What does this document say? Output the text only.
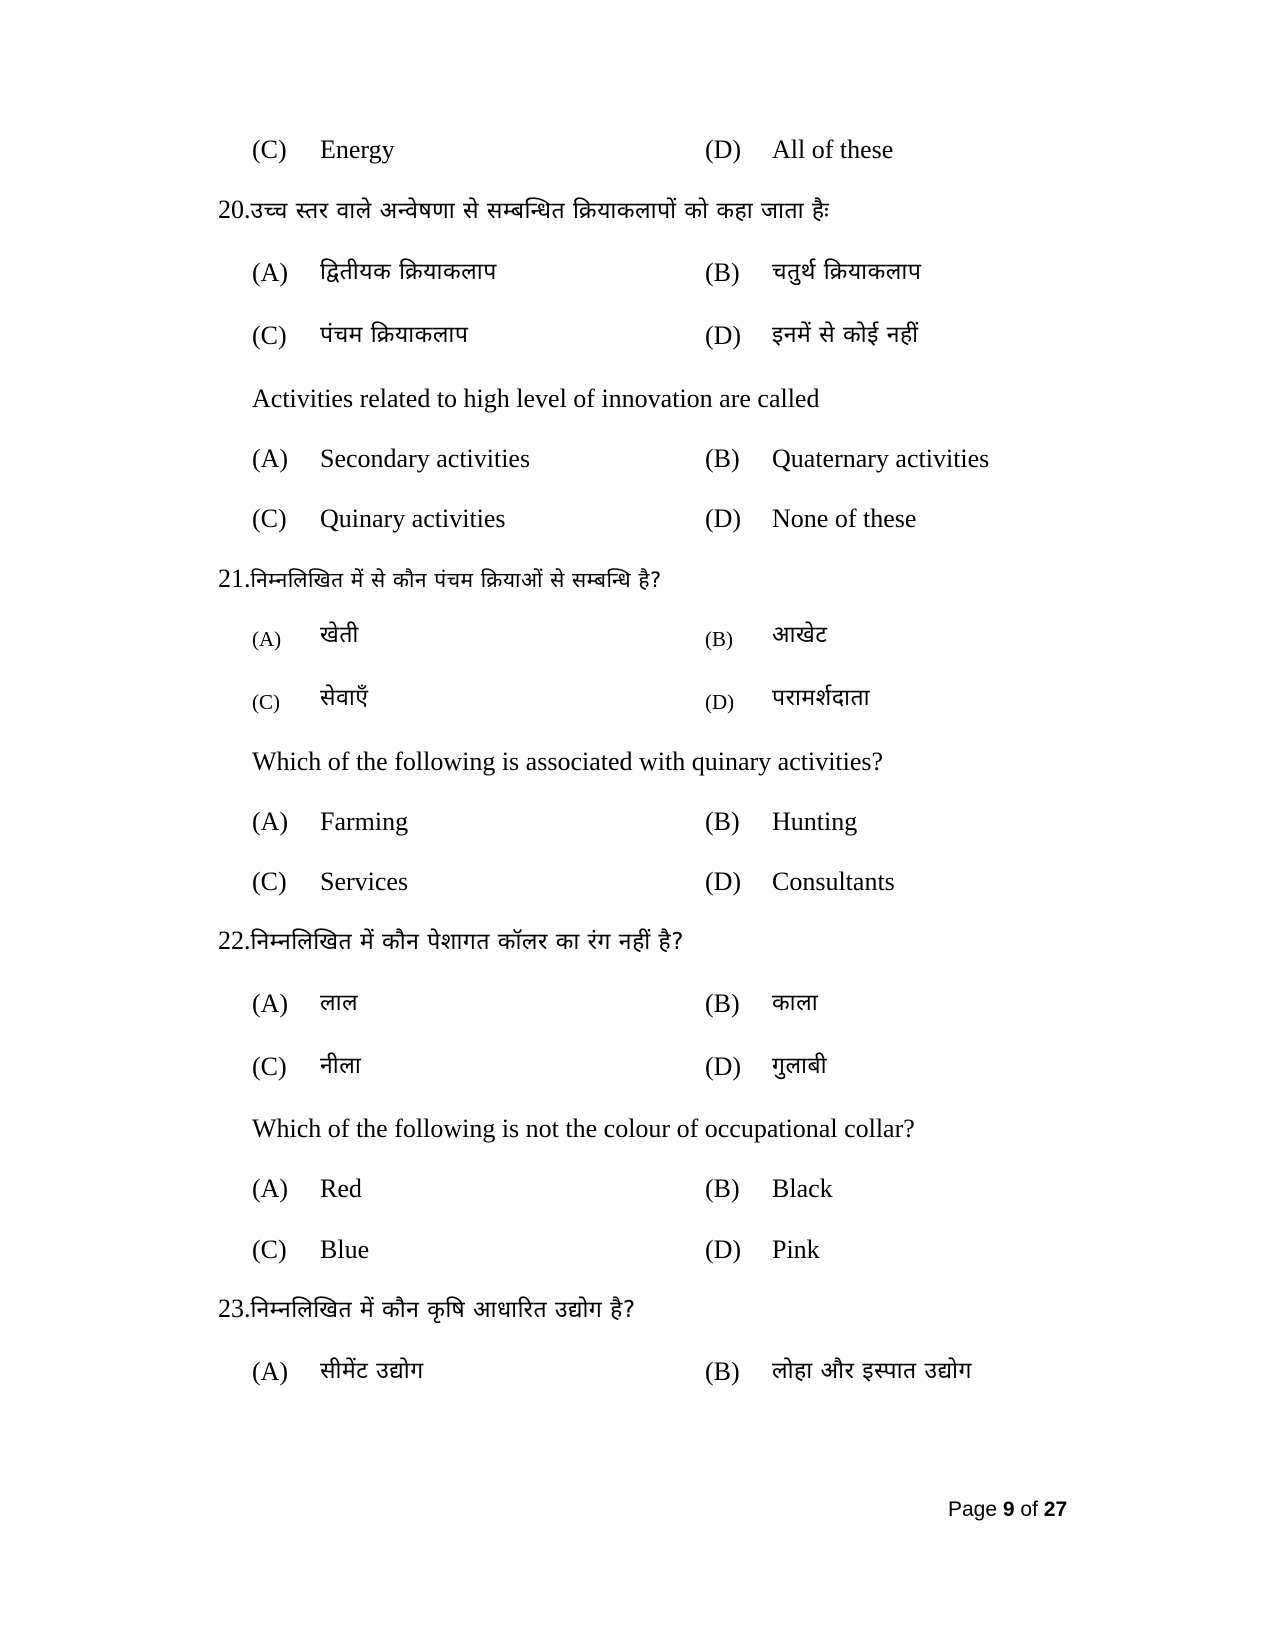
(C) Energy	(D) All of these
20.उच्च स्तर वाले अन्वेषणा से सम्बन्धित क्रियाकलापों को कहा जाता हैः
(A) द्वितीयक क्रियाकलाप	(B) चतुर्थ क्रियाकलाप
(C) पंचम क्रियाकलाप	(D) इनमें से कोई नहीं
Activities related to high level of innovation are called
(A) Secondary activities	(B) Quaternary activities
(C) Quinary activities	(D) None of these
21.निम्नलिखित में से कौन पंचम क्रियाओं से सम्बन्धि है?
(A) खेती	(B) आखेट
(C) सेवाएँ	(D) परामर्शदाता
Which of the following is associated with quinary activities?
(A) Farming	(B) Hunting
(C) Services	(D) Consultants
22.निम्नलिखित में कौन पेशागत कॉलर का रंग नहीं है?
(A) लाल	(B) काला
(C) नीला	(D) गुलाबी
Which of the following is not the colour of occupational collar?
(A) Red	(B) Black
(C) Blue	(D) Pink
23.निम्नलिखित में कौन कृषि आधारित उद्योग है?
(A) सीमेंट उद्योग	(B) लोहा और इस्पात उद्योग
Page 9 of 27
